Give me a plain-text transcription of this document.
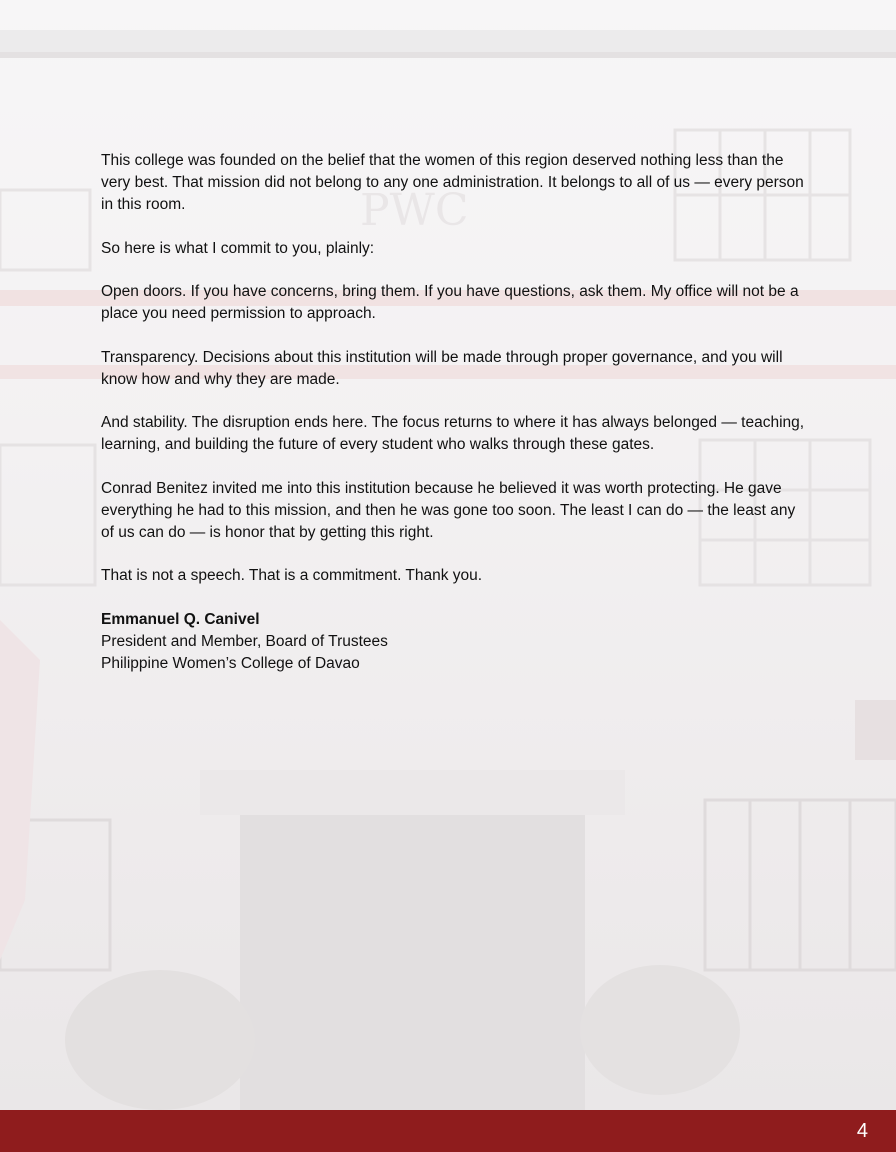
PWC

This college was founded on the belief that the women of this region deserved nothing less than the very best. That mission did not belong to any one administration. It belongs to all of us — every person in this room.

So here is what I commit to you, plainly:

Open doors. If you have concerns, bring them. If you have questions, ask them. My office will not be a place you need permission to approach.

Transparency. Decisions about this institution will be made through proper governance, and you will know how and why they are made.

And stability. The disruption ends here. The focus returns to where it has always belonged — teaching, learning, and building the future of every student who walks through these gates.

Conrad Benitez invited me into this institution because he believed it was worth protecting. He gave everything he had to this mission, and then he was gone too soon. The least I can do — the least any of us can do — is honor that by getting this right.

That is not a speech. That is a commitment. Thank you.

Emmanuel Q. Canivel
President and Member, Board of Trustees
Philippine Women’s College of Davao
4
